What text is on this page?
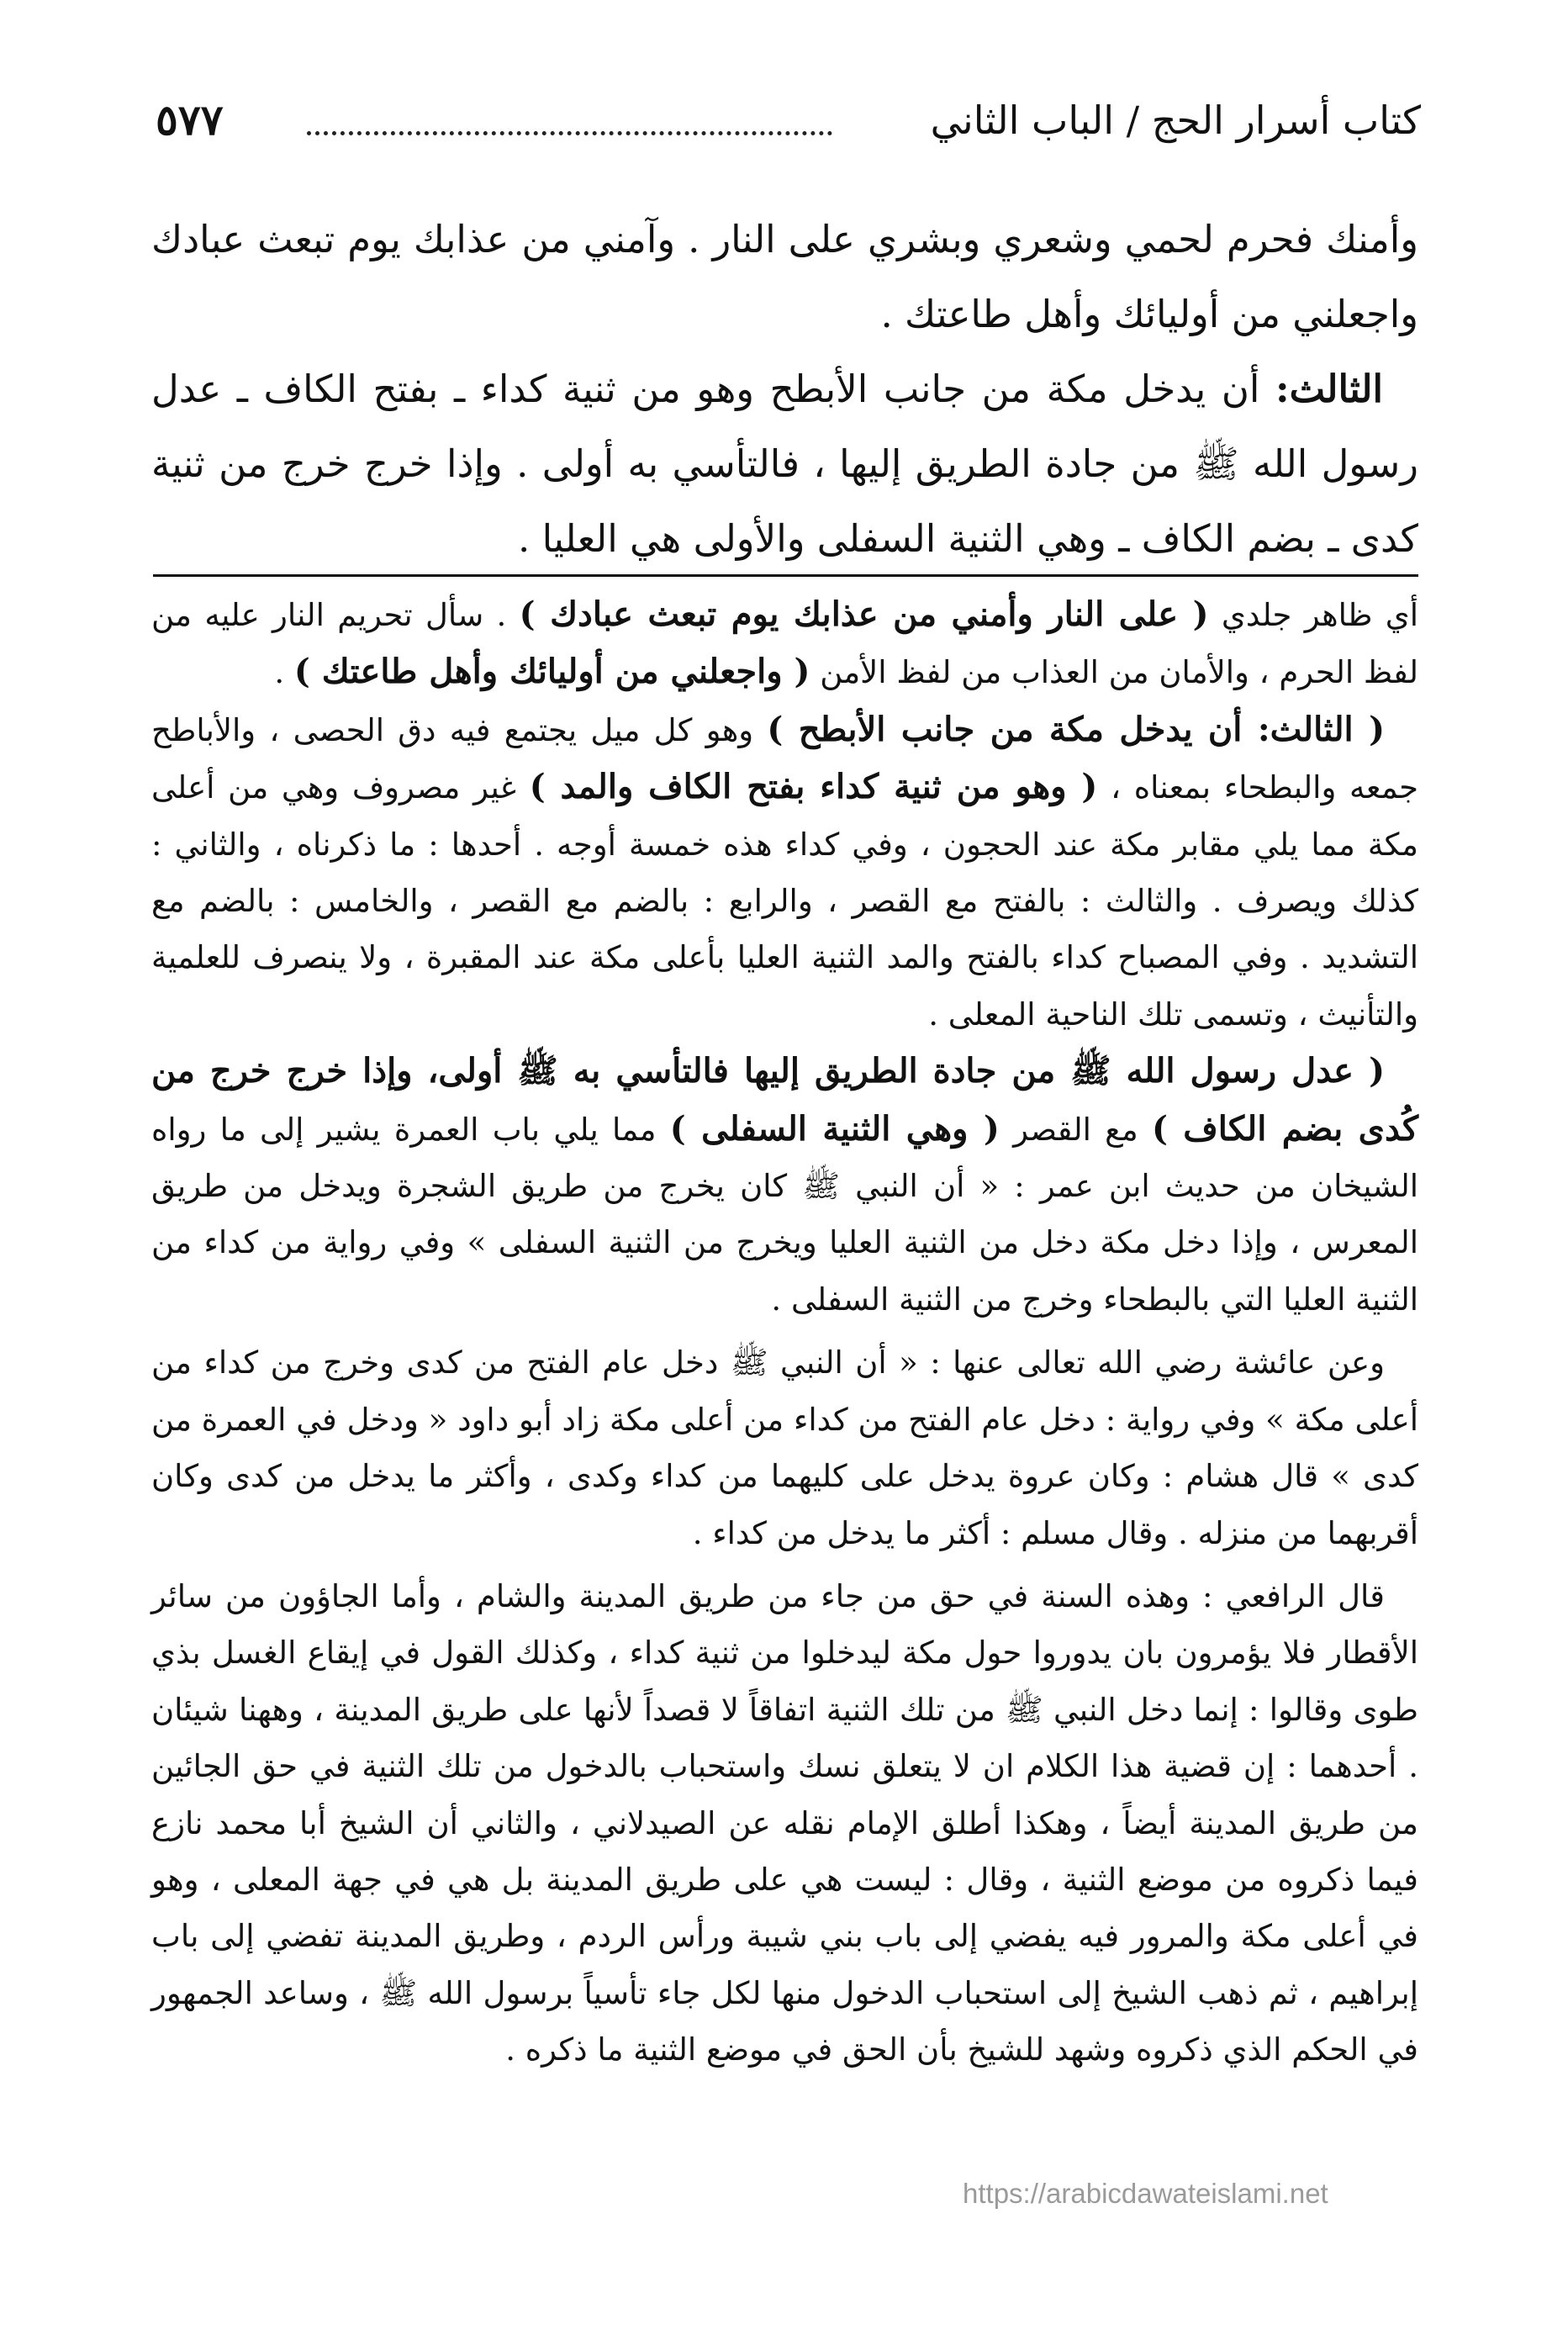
كتاب أسرار الحج / الباب الثاني
٥٧٧

وأمنك فحرم لحمي وشعري وبشري على النار . وآمني من عذابك يوم تبعث عبادك واجعلني من أوليائك وأهل طاعتك .

الثالث: أن يدخل مكة من جانب الأبطح وهو من ثنية كداء ـ بفتح الكاف ـ عدل رسول الله ﷺ من جادة الطريق إليها ، فالتأسي به أولى . وإذا خرج خرج من ثنية كدى ـ بضم الكاف ـ وهي الثنية السفلى والأولى هي العليا .

أي ظاهر جلدي ( على النار وأمني من عذابك يوم تبعث عبادك ) . سأل تحريم النار عليه من لفظ الحرم ، والأمان من العذاب من لفظ الأمن ( واجعلني من أوليائك وأهل طاعتك ) .

( الثالث: أن يدخل مكة من جانب الأبطح ) وهو كل ميل يجتمع فيه دق الحصى ، والأباطح جمعه والبطحاء بمعناه ، ( وهو من ثنية كداء بفتح الكاف والمد ) غير مصروف وهي من أعلى مكة مما يلي مقابر مكة عند الحجون ، وفي كداء هذه خمسة أوجه . أحدها : ما ذكرناه ، والثاني : كذلك ويصرف . والثالث : بالفتح مع القصر ، والرابع : بالضم مع القصر ، والخامس : بالضم مع التشديد . وفي المصباح كداء بالفتح والمد الثنية العليا بأعلى مكة عند المقبرة ، ولا ينصرف للعلمية والتأنيث ، وتسمى تلك الناحية المعلى .

( عدل رسول الله ﷺ من جادة الطريق إليها فالتأسي به ﷺ أولى، وإذا خرج خرج من كُدى بضم الكاف ) مع القصر ( وهي الثنية السفلى ) مما يلي باب العمرة يشير إلى ما رواه الشيخان من حديث ابن عمر : « أن النبي ﷺ كان يخرج من طريق الشجرة ويدخل من طريق المعرس ، وإذا دخل مكة دخل من الثنية العليا ويخرج من الثنية السفلى » وفي رواية من كداء من الثنية العليا التي بالبطحاء وخرج من الثنية السفلى .

وعن عائشة رضي الله تعالى عنها : « أن النبي ﷺ دخل عام الفتح من كدى وخرج من كداء من أعلى مكة » وفي رواية : دخل عام الفتح من كداء من أعلى مكة زاد أبو داود « ودخل في العمرة من كدى » قال هشام : وكان عروة يدخل على كليهما من كداء وكدى ، وأكثر ما يدخل من كدى وكان أقربهما من منزله . وقال مسلم : أكثر ما يدخل من كداء .

قال الرافعي : وهذه السنة في حق من جاء من طريق المدينة والشام ، وأما الجاؤون من سائر الأقطار فلا يؤمرون بان يدوروا حول مكة ليدخلوا من ثنية كداء ، وكذلك القول في إيقاع الغسل بذي طوى وقالوا : إنما دخل النبي ﷺ من تلك الثنية اتفاقاً لا قصداً لأنها على طريق المدينة ، وههنا شيئان . أحدهما : إن قضية هذا الكلام ان لا يتعلق نسك واستحباب بالدخول من تلك الثنية في حق الجائين من طريق المدينة أيضاً ، وهكذا أطلق الإمام نقله عن الصيدلاني ، والثاني أن الشيخ أبا محمد نازع فيما ذكروه من موضع الثنية ، وقال : ليست هي على طريق المدينة بل هي في جهة المعلى ، وهو في أعلى مكة والمرور فيه يفضي إلى باب بني شيبة ورأس الردم ، وطريق المدينة تفضي إلى باب إبراهيم ، ثم ذهب الشيخ إلى استحباب الدخول منها لكل جاء تأسياً برسول الله ﷺ ، وساعد الجمهور في الحكم الذي ذكروه وشهد للشيخ بأن الحق في موضع الثنية ما ذكره .

https://arabicdawateislami.net
